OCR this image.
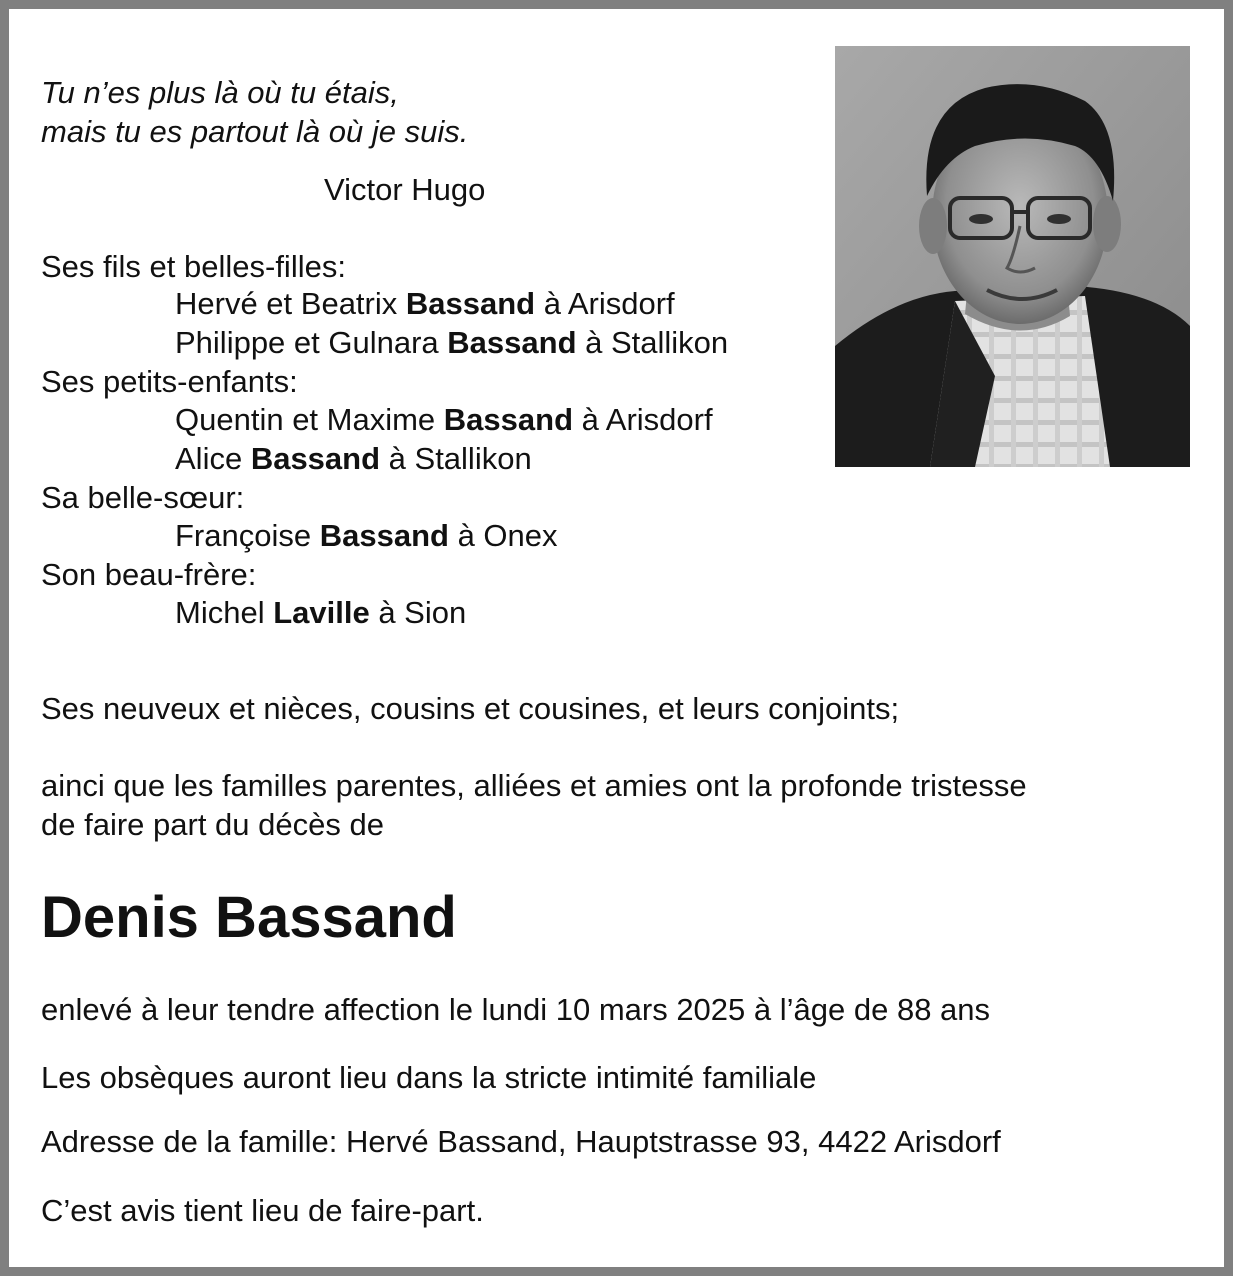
Tu n’es plus là où tu étais,
mais tu es partout là où je suis.
Victor Hugo
Ses fils et belles-filles:
Hervé et Beatrix Bassand à Arisdorf
Philippe et Gulnara Bassand à Stallikon
Ses petits-enfants:
Quentin et Maxime Bassand à Arisdorf
Alice Bassand à Stallikon
Sa belle-sœur:
Françoise Bassand à Onex
Son beau-frère:
Michel Laville à Sion
Ses neuveux et nièces, cousins et cousines, et leurs conjoints;
ainci que les familles parentes, alliées et amies ont la profonde tristesse
de faire part du décès de
Denis Bassand
enlevé à leur tendre affection le lundi 10 mars 2025 à l’âge de 88 ans
Les obsèques auront lieu dans la stricte intimité familiale
Adresse de la famille: Hervé Bassand, Hauptstrasse 93, 4422 Arisdorf
C’est avis tient lieu de faire-part.
